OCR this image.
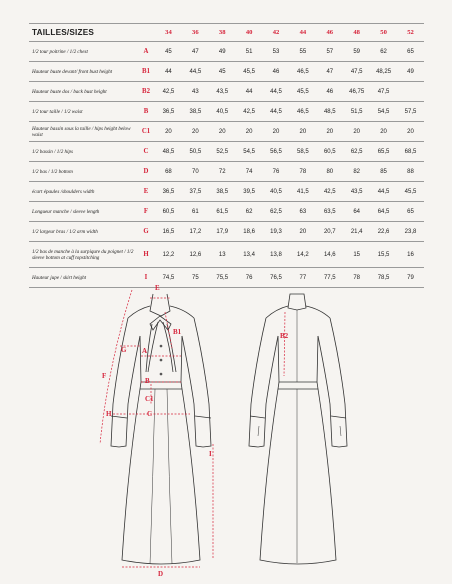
TAILLES/SIZES		34	36	38	40	42	44	46	48	50	52
1/2 tour poitrine / 1/2 chest	A	45	47	49	51	53	55	57	59	62	65
Hauteur buste devant/ front bust height	B1	44	44,5	45	45,5	46	46,5	47	47,5	48,25	49
Hauteur buste dos / back bust height	B2	42,5	43	43,5	44	44,5	45,5	46	46,75	47,5	
1/2 tour taille / 1/2 waist	B	36,5	38,5	40,5	42,5	44,5	46,5	48,5	51,5	54,5	57,5
Hauteur bassin sous la taille / hips height below waist	C1	20	20	20	20	20	20	20	20	20	20
1/2 bassin / 1/2 hips	C	48,5	50,5	52,5	54,5	56,5	58,5	60,5	62,5	65,5	68,5
1/2 bas / 1/2 bottom	D	68	70	72	74	76	78	80	82	85	88
écart épaules /shoulders width	E	36,5	37,5	38,5	39,5	40,5	41,5	42,5	43,5	44,5	45,5
Longueur manche / sleeve length	F	60,5	61	61,5	62	62,5	63	63,5	64	64,5	65
1/2 largeur bras / 1/2 arm width	G	16,5	17,2	17,9	18,6	19,3	20	20,7	21,4	22,6	23,8
1/2 bas de manche à la surpiqure du poignet / 1/2 sleeve bottom at cuff topstitching	H	12,2	12,6	13	13,4	13,8	14,2	14,6	15	15,5	16
Hauteur jupe / skirt height	I	74,5	75	75,5	76	76,5	77	77,5	78	78,5	79
E
B1	B2
G A
F
B
C1
H	C
I
D
